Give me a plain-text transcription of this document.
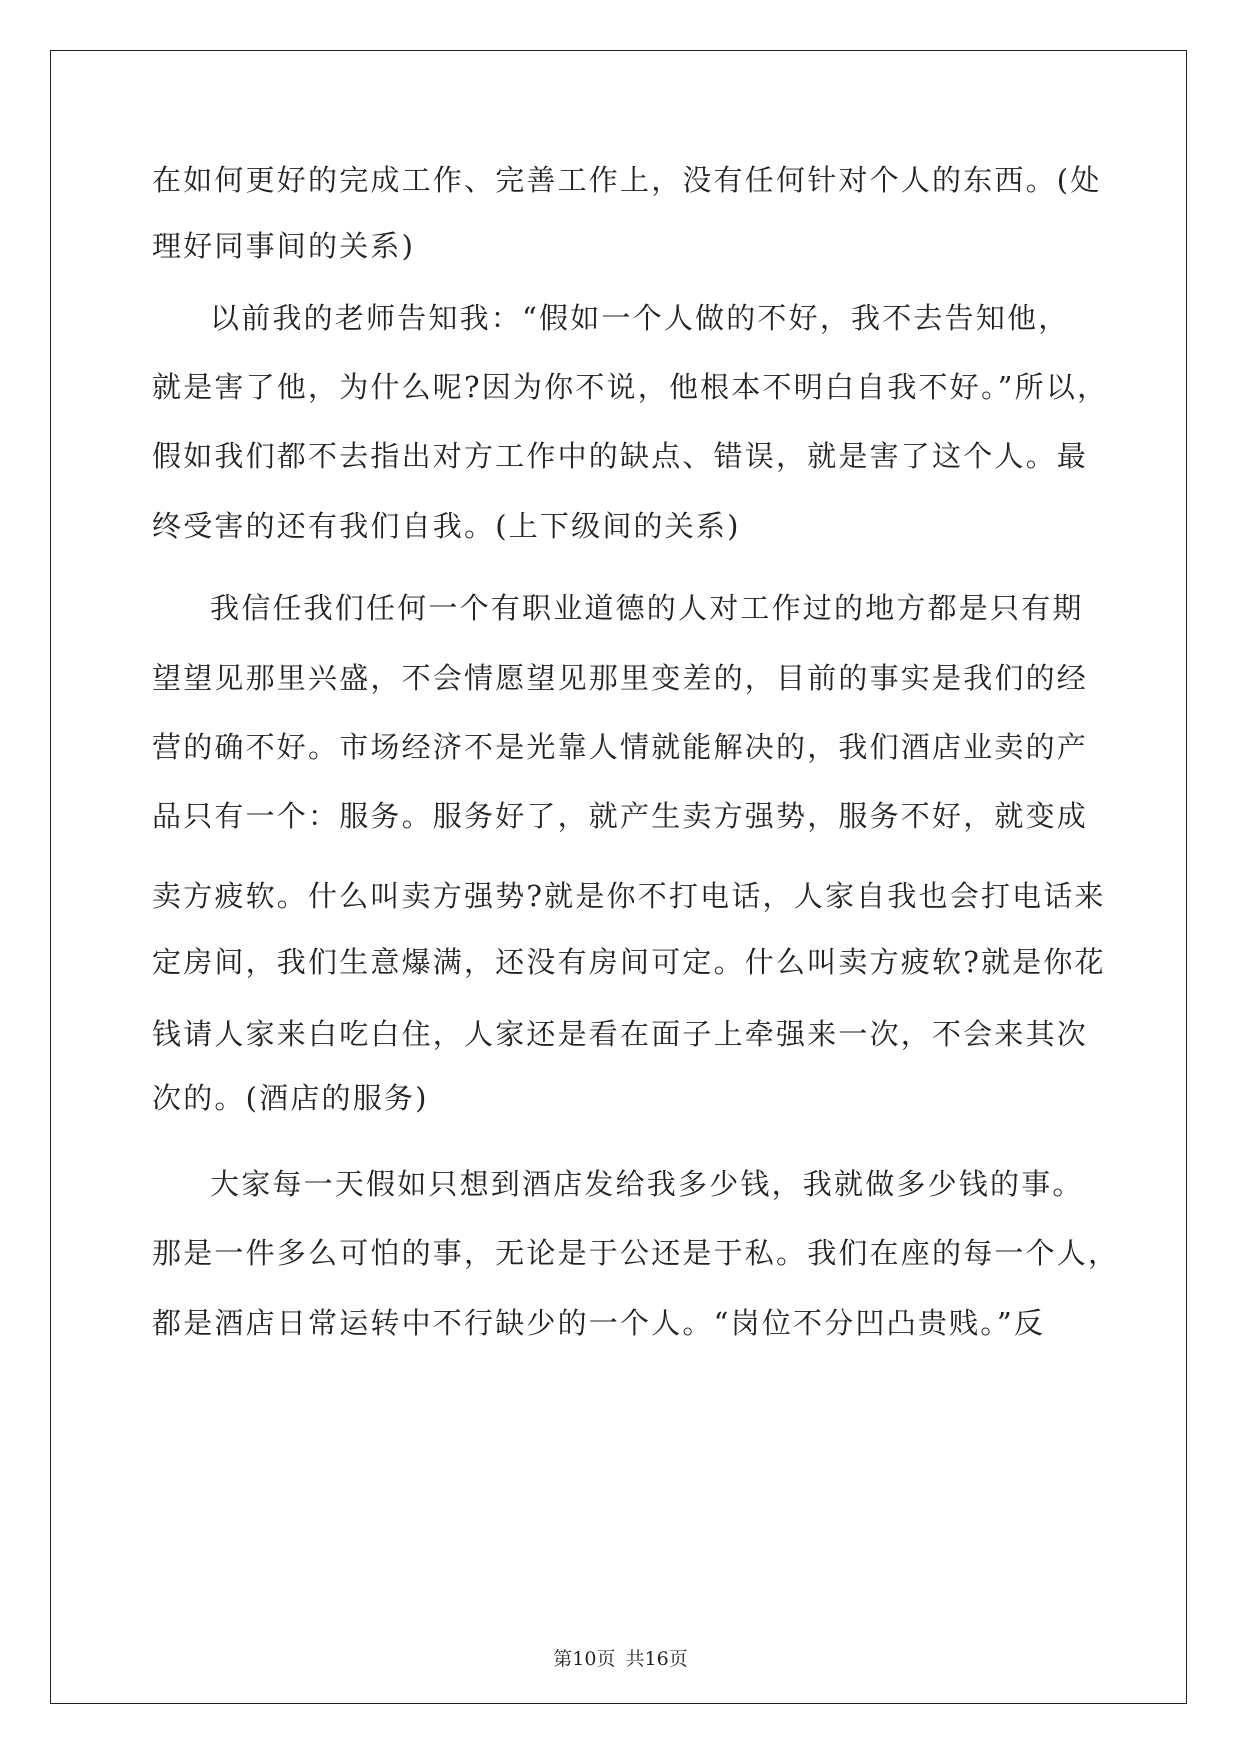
在如何更好的完成工作、完善工作上，没有任何针对个人的东西。(处
理好同事间的关系)
以前我的老师告知我：“假如一个人做的不好，我不去告知他，
就是害了他，为什么呢?因为你不说，他根本不明白自我不好。”所以，
假如我们都不去指出对方工作中的缺点、错误，就是害了这个人。最
终受害的还有我们自我。(上下级间的关系)
我信任我们任何一个有职业道德的人对工作过的地方都是只有期
望望见那里兴盛，不会情愿望见那里变差的，目前的事实是我们的经
营的确不好。市场经济不是光靠人情就能解决的，我们酒店业卖的产
品只有一个：服务。服务好了，就产生卖方强势，服务不好，就变成
卖方疲软。什么叫卖方强势?就是你不打电话，人家自我也会打电话来
定房间，我们生意爆满，还没有房间可定。什么叫卖方疲软?就是你花
钱请人家来白吃白住，人家还是看在面子上牵强来一次，不会来其次
次的。(酒店的服务)
大家每一天假如只想到酒店发给我多少钱，我就做多少钱的事。
那是一件多么可怕的事，无论是于公还是于私。我们在座的每一个人，
都是酒店日常运转中不行缺少的一个人。“岗位不分凹凸贵贱。”反
第10页 共16页
